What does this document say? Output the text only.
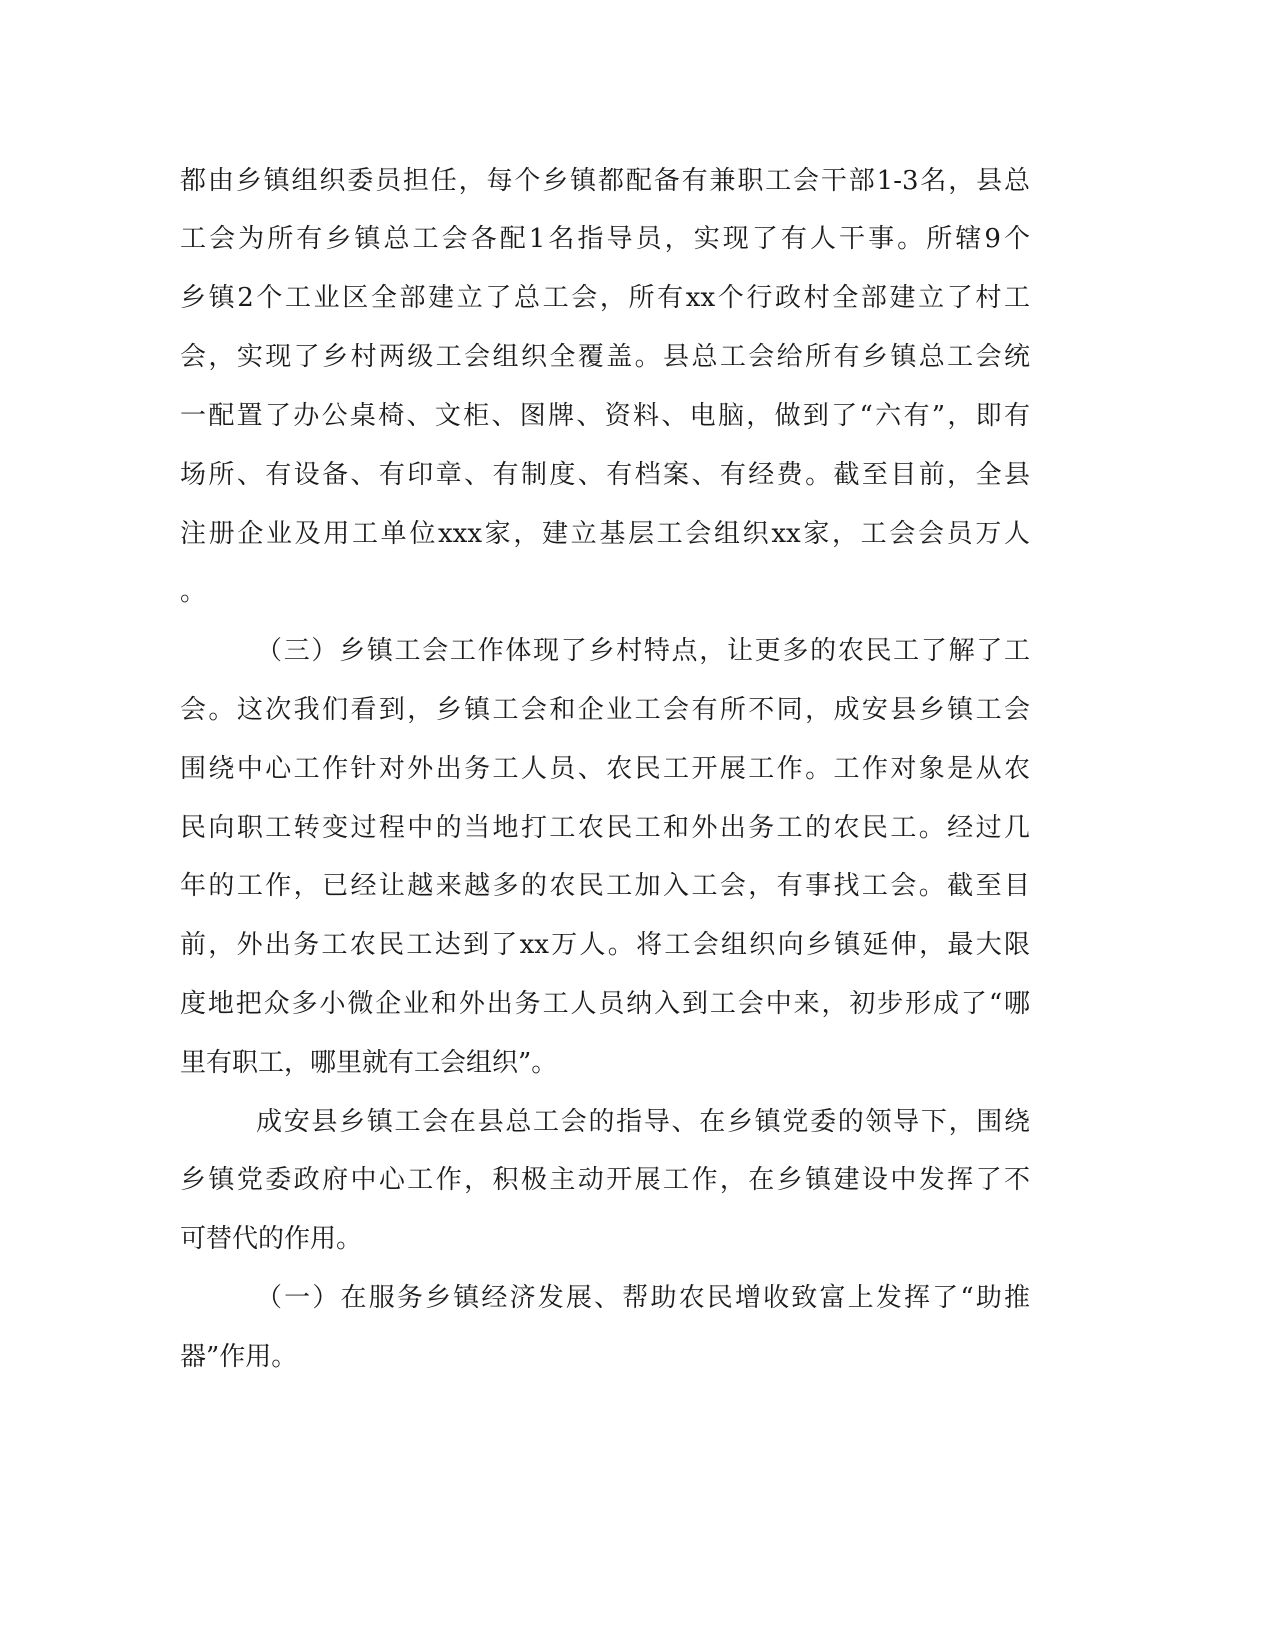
都由乡镇组织委员担任，每个乡镇都配备有兼职工会干部1-3名，县总
工会为所有乡镇总工会各配1名指导员，实现了有人干事。所辖9个
乡镇2个工业区全部建立了总工会，所有xx个行政村全部建立了村工
会，实现了乡村两级工会组织全覆盖。县总工会给所有乡镇总工会统
一配置了办公桌椅、文柜、图牌、资料、电脑，做到了“六有”，即有
场所、有设备、有印章、有制度、有档案、有经费。截至目前，全县
注册企业及用工单位xxx家，建立基层工会组织xx家，工会会员万人
。
（三）乡镇工会工作体现了乡村特点，让更多的农民工了解了工
会。这次我们看到，乡镇工会和企业工会有所不同，成安县乡镇工会
围绕中心工作针对外出务工人员、农民工开展工作。工作对象是从农
民向职工转变过程中的当地打工农民工和外出务工的农民工。经过几
年的工作，已经让越来越多的农民工加入工会，有事找工会。截至目
前，外出务工农民工达到了xx万人。将工会组织向乡镇延伸，最大限
度地把众多小微企业和外出务工人员纳入到工会中来，初步形成了“哪
里有职工，哪里就有工会组织”。
成安县乡镇工会在县总工会的指导、在乡镇党委的领导下，围绕
乡镇党委政府中心工作，积极主动开展工作，在乡镇建设中发挥了不
可替代的作用。
（一）在服务乡镇经济发展、帮助农民增收致富上发挥了“助推
器”作用。
